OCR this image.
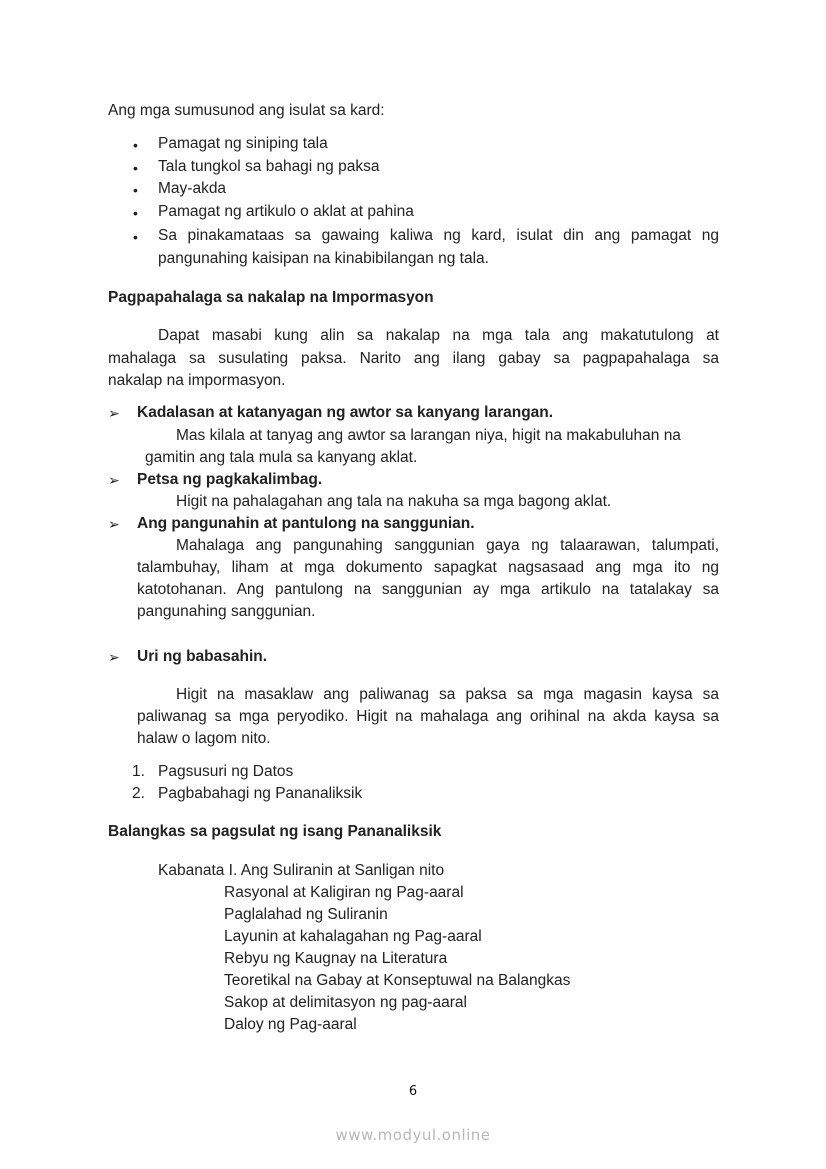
Ang mga sumusunod ang isulat sa kard:
• Pamagat ng siniping tala
• Tala tungkol sa bahagi ng paksa
• May-akda
• Pamagat ng artikulo o aklat at pahina
• Sa pinakamataas sa gawaing kaliwa ng kard, isulat din ang pamagat ng
pangunahing kaisipan na kinabibilangan ng tala.
Pagpapahalaga sa nakalap na Impormasyon
Dapat masabi kung alin sa nakalap na mga tala ang makatutulong at
mahalaga sa susulating paksa. Narito ang ilang gabay sa pagpapahalaga sa
nakalap na impormasyon.
➢ Kadalasan at katanyagan ng awtor sa kanyang larangan.
Mas kilala at tanyag ang awtor sa larangan niya, higit na makabuluhan na
gamitin ang tala mula sa kanyang aklat.
➢ Petsa ng pagkakalimbag.
Higit na pahalagahan ang tala na nakuha sa mga bagong aklat.
➢ Ang pangunahin at pantulong na sanggunian.
Mahalaga ang pangunahing sanggunian gaya ng talaarawan, talumpati,
talambuhay, liham at mga dokumento sapagkat nagsasaad ang mga ito ng
katotohanan. Ang pantulong na sanggunian ay mga artikulo na tatalakay sa
pangunahing sanggunian.
➢ Uri ng babasahin.
Higit na masaklaw ang paliwanag sa paksa sa mga magasin kaysa sa
paliwanag sa mga peryodiko. Higit na mahalaga ang orihinal na akda kaysa sa
halaw o lagom nito.
1. Pagsusuri ng Datos
2. Pagbabahagi ng Pananaliksik
Balangkas sa pagsulat ng isang Pananaliksik
Kabanata I. Ang Suliranin at Sanligan nito
Rasyonal at Kaligiran ng Pag-aaral
Paglalahad ng Suliranin
Layunin at kahalagahan ng Pag-aaral
Rebyu ng Kaugnay na Literatura
Teoretikal na Gabay at Konseptuwal na Balangkas
Sakop at delimitasyon ng pag-aaral
Daloy ng Pag-aaral
6
www.modyul.online
